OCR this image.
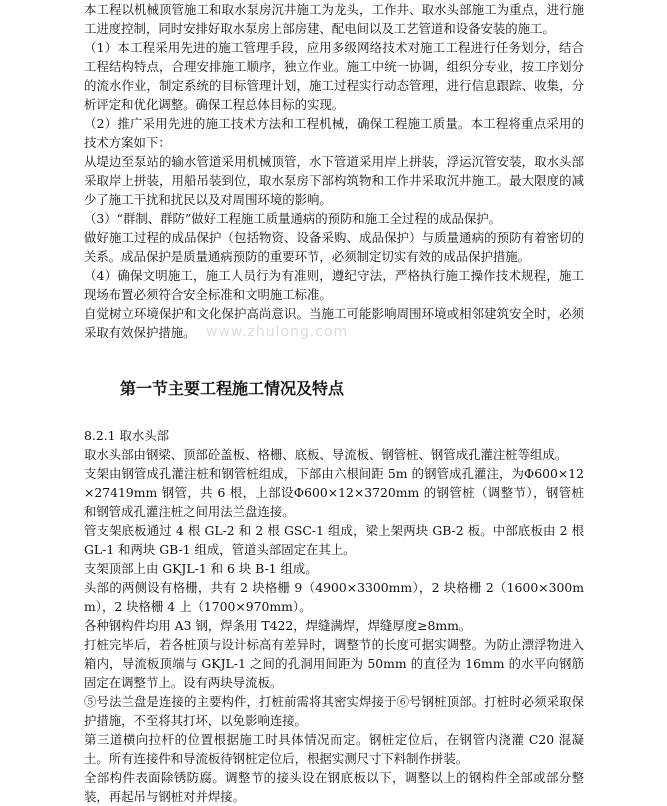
本工程以机械顶管施工和取水泵房沉井施工为龙头，工作井、取水头部施工为重点，进行施工进度控制，同时安排好取水泵房上部房建、配电间以及工艺管道和设备安装的施工。

（1）本工程采用先进的施工管理手段，应用多级网络技术对施工工程进行任务划分，结合工程结构特点，合理安排施工顺序，独立作业。施工中统一协调，组织分专业，按工序划分的流水作业，制定系统的目标管理计划，施工过程实行动态管理，进行信息跟踪、收集，分析评定和优化调整。确保工程总体目标的实现。

（2）推广采用先进的施工技术方法和工程机械，确保工程施工质量。本工程将重点采用的技术方案如下：

从堤边至泵站的输水管道采用机械顶管，水下管道采用岸上拼装，浮运沉管安装，取水头部采取岸上拼装，用船吊装到位，取水泵房下部构筑物和工作井采取沉井施工。最大限度的减少了施工干扰和扰民以及对周围环境的影响。

（3）“群制、群防”做好工程施工质量通病的预防和施工全过程的成品保护。

做好施工过程的成品保护（包括物资、设备采购、成品保护）与质量通病的预防有着密切的关系。成品保护是质量通病预防的重要环节，必须制定切实有效的成品保护措施。

（4）确保文明施工，施工人员行为有准则，遵纪守法，严格执行施工操作技术规程，施工现场布置必须符合安全标准和文明施工标准。

自觉树立环境保护和文化保护高尚意识。当施工可能影响周围环境或相邻建筑安全时，必须采取有效保护措施。 www.zhulong.com
第一节主要工程施工情况及特点

8.2.1 取水头部

取水头部由钢梁、顶部砼盖板、格栅、底板、导流板、钢管桩、钢管成孔灌注桩等组成。

支架由钢管成孔灌注桩和钢管桩组成，下部由六根间距 5m 的钢管成孔灌注，为Φ600×12×27419mm 钢管，共 6 根，上部设Φ600×12×3720mm 的钢管桩（调整节），钢管桩和钢管成孔灌注桩之间用法兰盘连接。

管支架底板通过 4 根 GL-2 和 2 根 GSC-1 组成，梁上架两块 GB-2 板。中部底板由 2 根 GL-1 和两块 GB-1 组成，管道头部固定在其上。

支架顶部上由 GKJL-1 和 6 块 B-1 组成。

头部的两侧设有格栅，共有 2 块格栅 9（4900×3300mm），2 块格栅 2（1600×300mm），2 块格栅 4 上（1700×970mm）。

各种钢构件均用 A3 钢，焊条用 T422，焊缝满焊，焊缝厚度≥8mm。

打桩完毕后，若各桩顶与设计标高有差异时，调整节的长度可据实调整。为防止漂浮物进入箱内，导流板顶端与 GKJL-1 之间的孔洞用间距为 50mm 的直径为 16mm 的水平向钢筋固定在调整节上。设有两块导流板。

⑤号法兰盘是连接的主要构件，打桩前需将其密实焊接于⑥号钢桩顶部。打桩时必须采取保护措施，不至将其打坏，以免影响连接。

第三道横向拉杆的位置根据施工时具体情况而定。钢桩定位后，在钢管内浇灌 C20 混凝土。所有连接件和导流板待钢桩定位后，根据实测尺寸下料制作拼装。

全部构件表面除锈防腐。调整节的接头设在钢底板以下，调整以上的钢构件全部或部分整装，再起吊与钢桩对并焊接。
